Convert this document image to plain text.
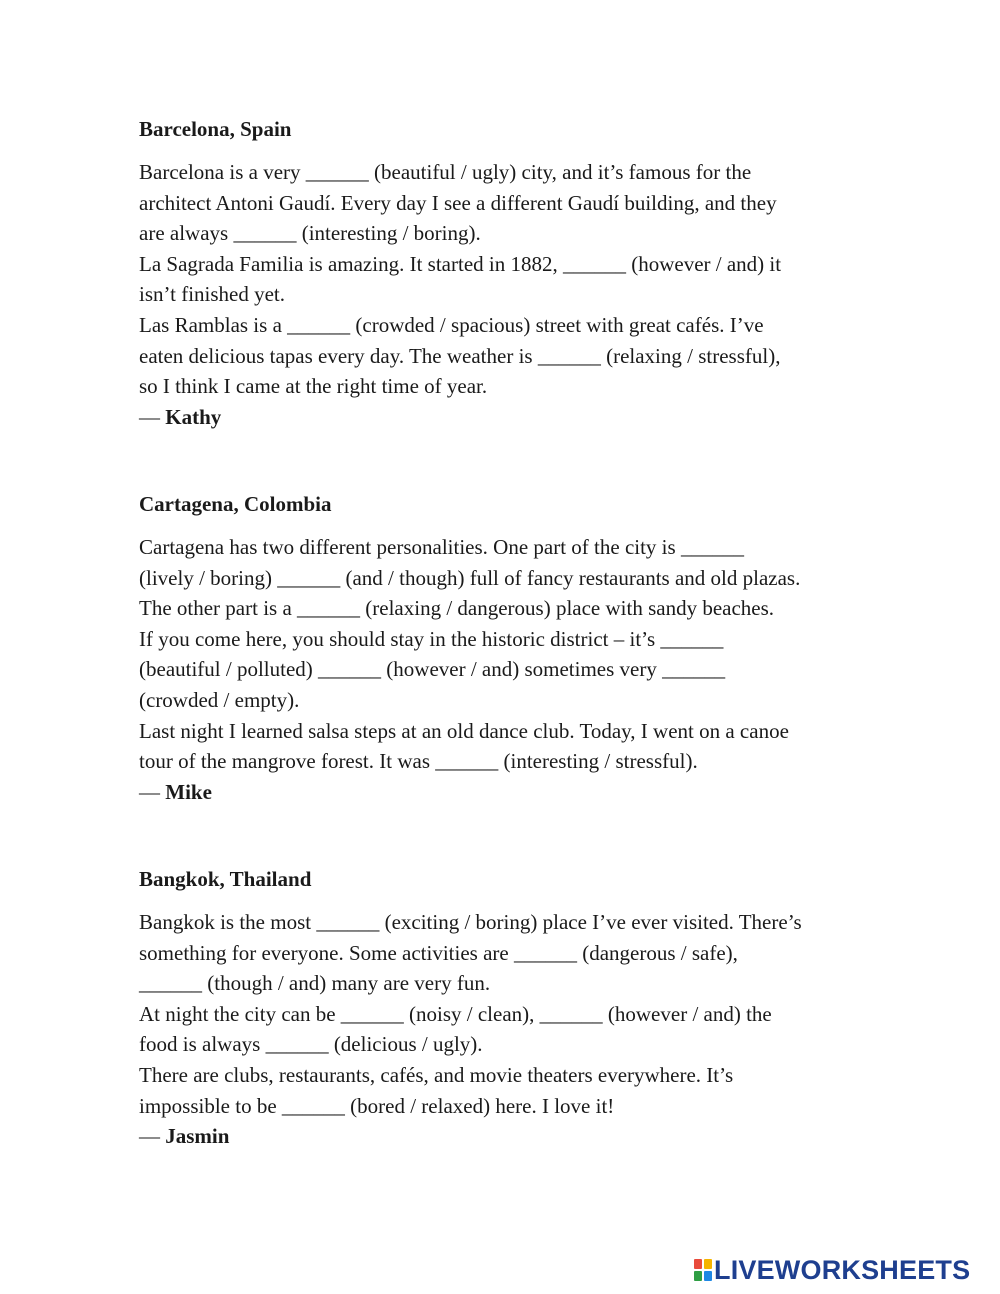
Barcelona, Spain
Barcelona is a very ______ (beautiful / ugly) city, and it’s famous for the
architect Antoni Gaudí. Every day I see a different Gaudí building, and they
are always ______ (interesting / boring).
La Sagrada Familia is amazing. It started in 1882, ______ (however / and) it
isn’t finished yet.
Las Ramblas is a ______ (crowded / spacious) street with great cafés. I’ve
eaten delicious tapas every day. The weather is ______ (relaxing / stressful),
so I think I came at the right time of year.
— Kathy
Cartagena, Colombia
Cartagena has two different personalities. One part of the city is ______
(lively / boring) ______ (and / though) full of fancy restaurants and old plazas.
The other part is a ______ (relaxing / dangerous) place with sandy beaches.
If you come here, you should stay in the historic district – it’s ______
(beautiful / polluted) ______ (however / and) sometimes very ______
(crowded / empty).
Last night I learned salsa steps at an old dance club. Today, I went on a canoe
tour of the mangrove forest. It was ______ (interesting / stressful).
— Mike
Bangkok, Thailand
Bangkok is the most ______ (exciting / boring) place I’ve ever visited. There’s
something for everyone. Some activities are ______ (dangerous / safe),
______ (though / and) many are very fun.
At night the city can be ______ (noisy / clean), ______ (however / and) the
food is always ______ (delicious / ugly).
There are clubs, restaurants, cafés, and movie theaters everywhere. It’s
impossible to be ______ (bored / relaxed) here. I love it!
— Jasmin
LIVEWORKSHEETS
